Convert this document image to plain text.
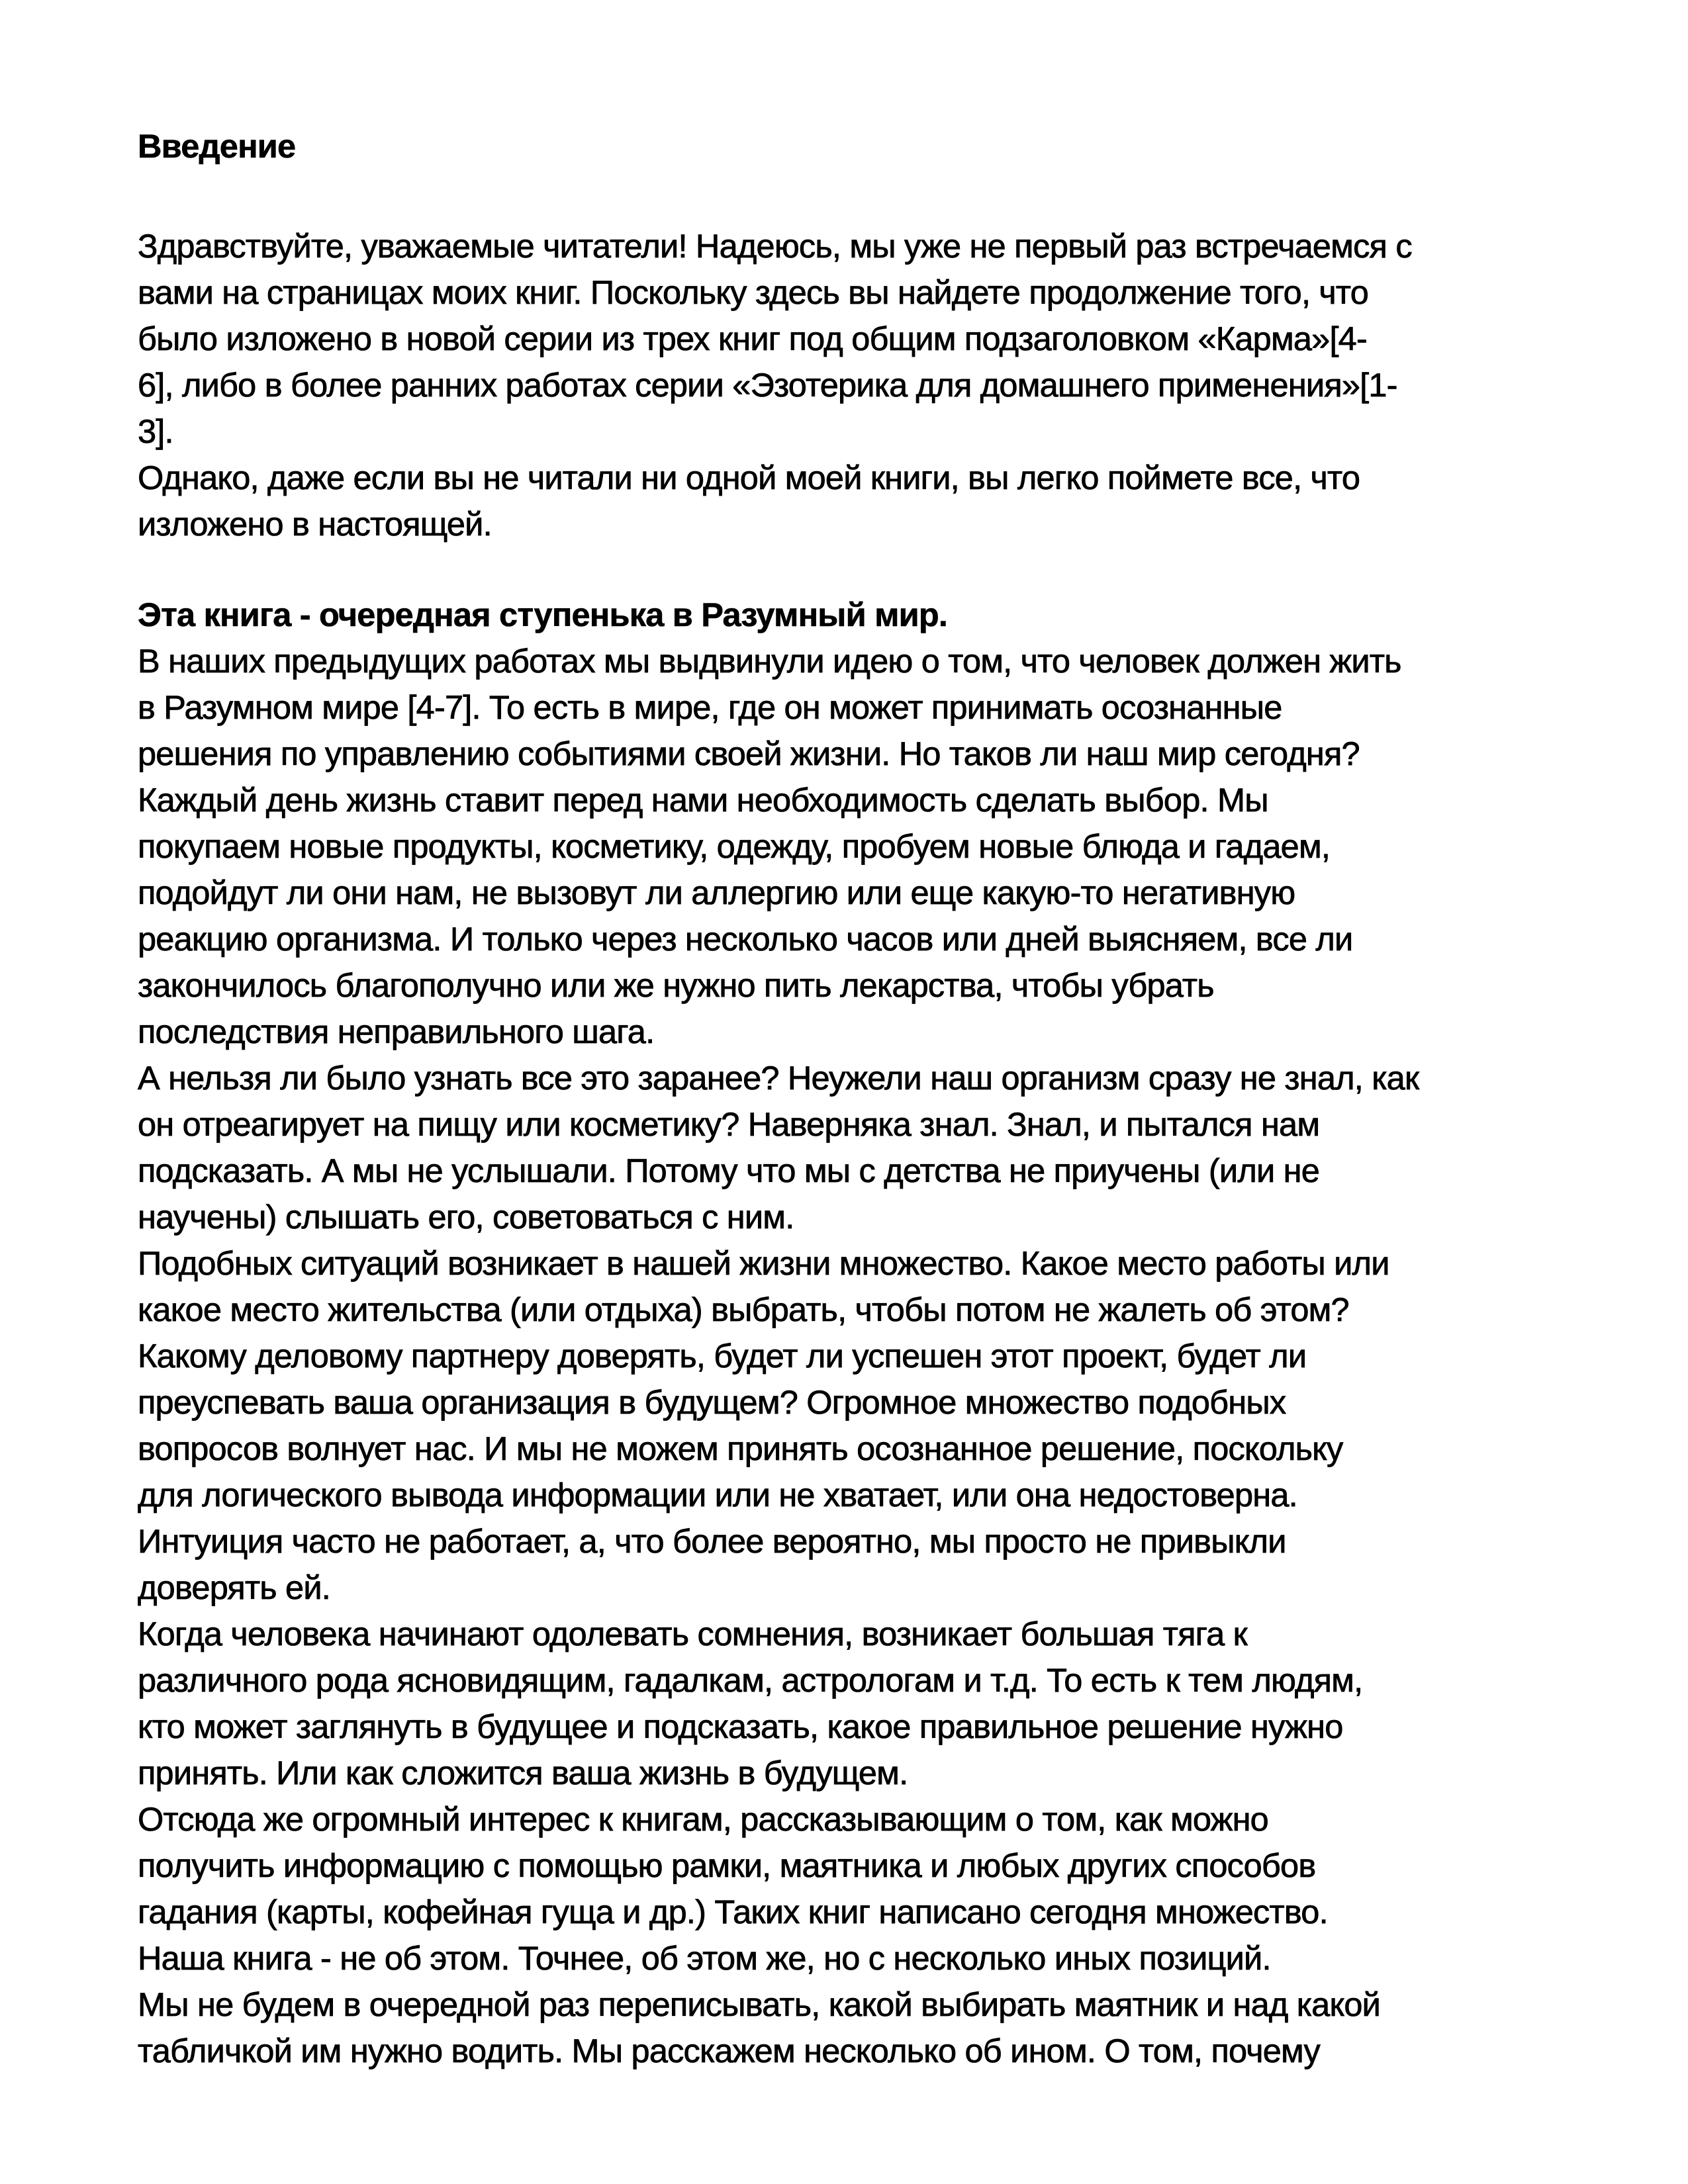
Введение
Здравствуйте, уважаемые читатели! Надеюсь, мы уже не первый раз встречаемся с
вами на страницах моих книг. Поскольку здесь вы найдете продолжение того, что
было изложено в новой серии из трех книг под общим подзаголовком «Карма»[4-
6], либо в более ранних работах серии «Эзотерика для домашнего применения»[1-
3].
Однако, даже если вы не читали ни одной моей книги, вы легко поймете все, что
изложено в настоящей.
Эта книга - очередная ступенька в Разумный мир.
В наших предыдущих работах мы выдвинули идею о том, что человек должен жить
в Разумном мире [4-7]. То есть в мире, где он может принимать осознанные
решения по управлению событиями своей жизни. Но таков ли наш мир сегодня?
Каждый день жизнь ставит перед нами необходимость сделать выбор. Мы
покупаем новые продукты, косметику, одежду, пробуем новые блюда и гадаем,
подойдут ли они нам, не вызовут ли аллергию или еще какую-то негативную
реакцию организма. И только через несколько часов или дней выясняем, все ли
закончилось благополучно или же нужно пить лекарства, чтобы убрать
последствия неправильного шага.
А нельзя ли было узнать все это заранее? Неужели наш организм сразу не знал, как
он отреагирует на пищу или косметику? Наверняка знал. Знал, и пытался нам
подсказать. А мы не услышали. Потому что мы с детства не приучены (или не
научены) слышать его, советоваться с ним.
Подобных ситуаций возникает в нашей жизни множество. Какое место работы или
какое место жительства (или отдыха) выбрать, чтобы потом не жалеть об этом?
Какому деловому партнеру доверять, будет ли успешен этот проект, будет ли
преуспевать ваша организация в будущем? Огромное множество подобных
вопросов волнует нас. И мы не можем принять осознанное решение, поскольку
для логического вывода информации или не хватает, или она недостоверна.
Интуиция часто не работает, а, что более вероятно, мы просто не привыкли
доверять ей.
Когда человека начинают одолевать сомнения, возникает большая тяга к
различного рода ясновидящим, гадалкам, астрологам и т.д. То есть к тем людям,
кто может заглянуть в будущее и подсказать, какое правильное решение нужно
принять. Или как сложится ваша жизнь в будущем.
Отсюда же огромный интерес к книгам, рассказывающим о том, как можно
получить информацию с помощью рамки, маятника и любых других способов
гадания (карты, кофейная гуща и др.) Таких книг написано сегодня множество.
Наша книга - не об этом. Точнее, об этом же, но с несколько иных позиций.
Мы не будем в очередной раз переписывать, какой выбирать маятник и над какой
табличкой им нужно водить. Мы расскажем несколько об ином. О том, почему
